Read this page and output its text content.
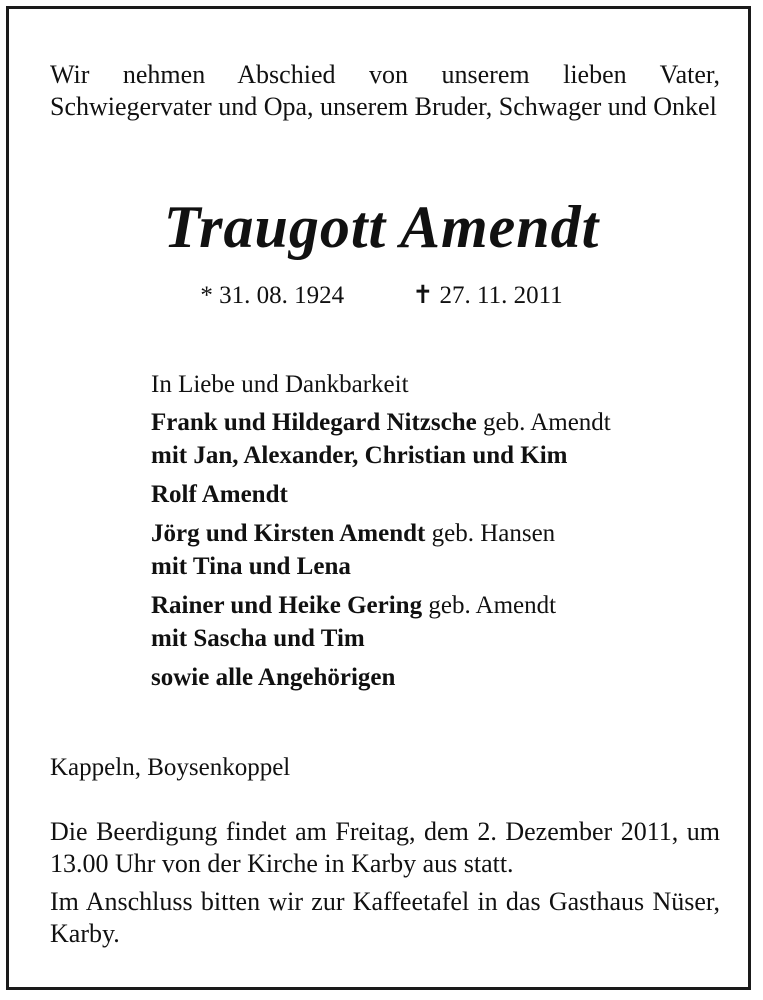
Wir nehmen Abschied von unserem lieben Vater, Schwiegervater und Opa, unserem Bruder, Schwager und Onkel

Traugott Amendt
* 31. 08. 1924	✝ 27. 11. 2011
In Liebe und Dankbarkeit
Frank und Hildegard Nitzsche geb. Amendt
mit Jan, Alexander, Christian und Kim
Rolf Amendt
Jörg und Kirsten Amendt geb. Hansen
mit Tina und Lena
Rainer und Heike Gering geb. Amendt
mit Sascha und Tim
sowie alle Angehörigen
Kappeln, Boysenkoppel

Die Beerdigung findet am Freitag, dem 2. Dezember 2011, um 13.00 Uhr von der Kirche in Karby aus statt.

Im Anschluss bitten wir zur Kaffeetafel in das Gasthaus Nüser, Karby.
